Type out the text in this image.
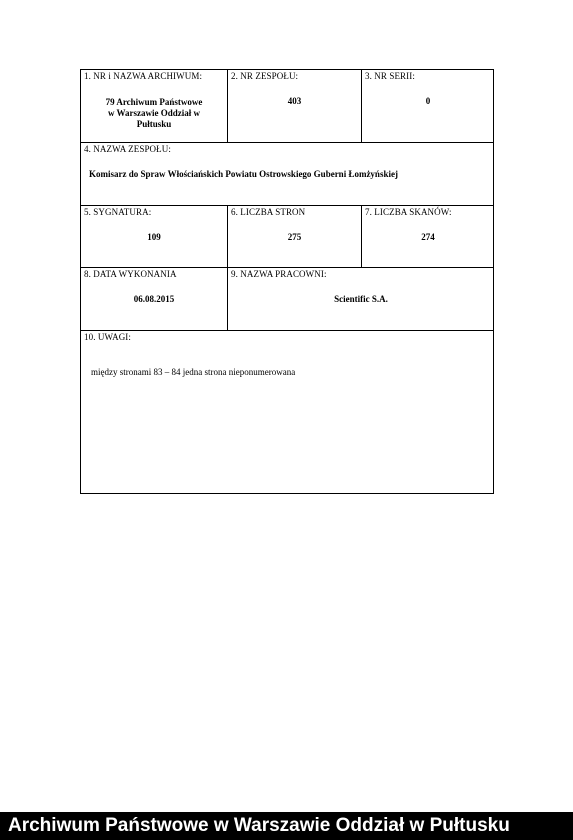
1. NR i NAZWA ARCHIWUM:
79 Archiwum Państwowe w Warszawie Oddział w Pułtusku
2. NR ZESPOŁU:
403
3. NR SERII:
0
4. NAZWA ZESPOŁU:
Komisarz do Spraw Włościańskich Powiatu Ostrowskiego Guberni Łomżyńskiej
5. SYGNATURA:
109
6. LICZBA STRON
275
7. LICZBA SKANÓW:
274
8. DATA WYKONANIA
06.08.2015
9. NAZWA PRACOWNI:
Scientific S.A.
10. UWAGI:
między stronami 83 – 84 jedna strona nieponumerowana
Archiwum Państwowe w Warszawie Oddział w Pułtusku
